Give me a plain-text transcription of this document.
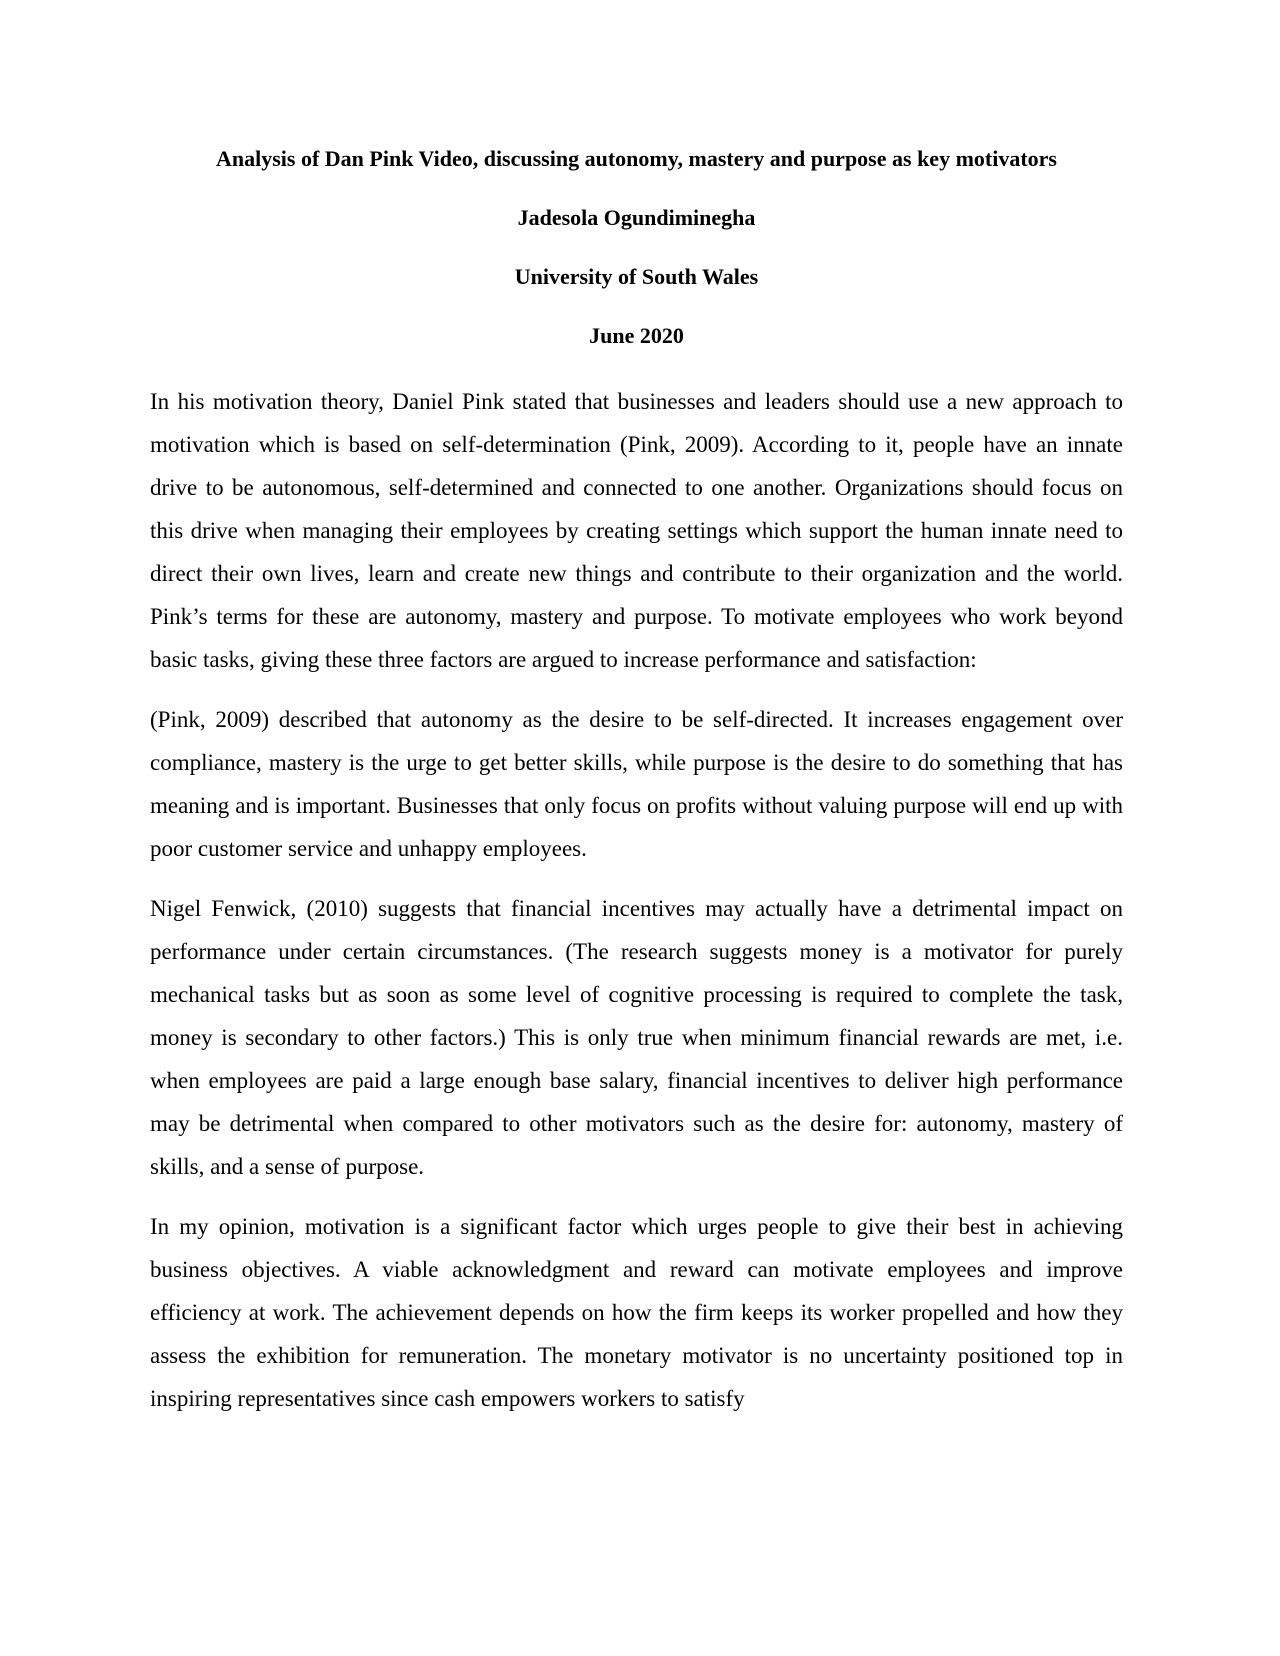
Analysis of Dan Pink Video, discussing autonomy, mastery and purpose as key motivators
Jadesola Ogundiminegha
University of South Wales
June 2020

In his motivation theory, Daniel Pink stated that businesses and leaders should use a new approach to motivation which is based on self-determination (Pink, 2009). According to it, people have an innate drive to be autonomous, self-determined and connected to one another. Organizations should focus on this drive when managing their employees by creating settings which support the human innate need to direct their own lives, learn and create new things and contribute to their organization and the world. Pink’s terms for these are autonomy, mastery and purpose. To motivate employees who work beyond basic tasks, giving these three factors are argued to increase performance and satisfaction:

(Pink, 2009) described that autonomy as the desire to be self-directed. It increases engagement over compliance, mastery is the urge to get better skills, while purpose is the desire to do something that has meaning and is important. Businesses that only focus on profits without valuing purpose will end up with poor customer service and unhappy employees.

Nigel Fenwick, (2010) suggests that financial incentives may actually have a detrimental impact on performance under certain circumstances. (The research suggests money is a motivator for purely mechanical tasks but as soon as some level of cognitive processing is required to complete the task, money is secondary to other factors.) This is only true when minimum financial rewards are met, i.e. when employees are paid a large enough base salary, financial incentives to deliver high performance may be detrimental when compared to other motivators such as the desire for: autonomy, mastery of skills, and a sense of purpose.

In my opinion, motivation is a significant factor which urges people to give their best in achieving business objectives. A viable acknowledgment and reward can motivate employees and improve efficiency at work. The achievement depends on how the firm keeps its worker propelled and how they assess the exhibition for remuneration. The monetary motivator is no uncertainty positioned top in inspiring representatives since cash empowers workers to satisfy
